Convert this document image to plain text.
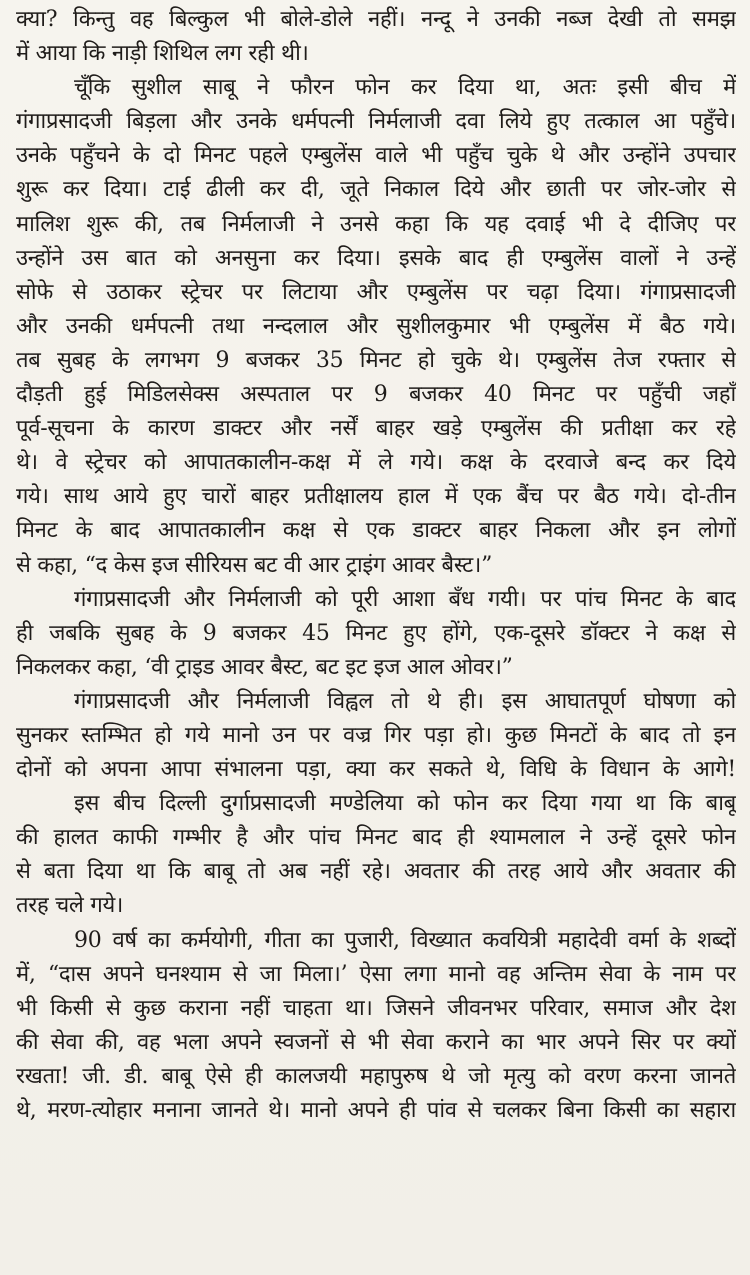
क्या? किन्तु वह बिल्कुल भी बोले-डोले नहीं। नन्दू ने उनकी नब्ज देखी तो समझ
में आया कि नाड़ी शिथिल लग रही थी।
चूँकि सुशील साबू ने फौरन फोन कर दिया था, अतः इसी बीच में
गंगाप्रसादजी बिड़ला और उनके धर्मपत्नी निर्मलाजी दवा लिये हुए तत्काल आ पहुँचे।
उनके पहुँचने के दो मिनट पहले एम्बुलेंस वाले भी पहुँच चुके थे और उन्होंने उपचार
शुरू कर दिया। टाई ढीली कर दी, जूते निकाल दिये और छाती पर जोर-जोर से
मालिश शुरू की, तब निर्मलाजी ने उनसे कहा कि यह दवाई भी दे दीजिए पर
उन्होंने उस बात को अनसुना कर दिया। इसके बाद ही एम्बुलेंस वालों ने उन्हें
सोफे से उठाकर स्ट्रेचर पर लिटाया और एम्बुलेंस पर चढ़ा दिया। गंगाप्रसादजी
और उनकी धर्मपत्नी तथा नन्दलाल और सुशीलकुमार भी एम्बुलेंस में बैठ गये।
तब सुबह के लगभग 9 बजकर 35 मिनट हो चुके थे। एम्बुलेंस तेज रफ्तार से
दौड़ती हुई मिडिलसेक्स अस्पताल पर 9 बजकर 40 मिनट पर पहुँची जहाँ
पूर्व-सूचना के कारण डाक्टर और नर्सें बाहर खड़े एम्बुलेंस की प्रतीक्षा कर रहे
थे। वे स्ट्रेचर को आपातकालीन-कक्ष में ले गये। कक्ष के दरवाजे बन्द कर दिये
गये। साथ आये हुए चारों बाहर प्रतीक्षालय हाल में एक बैंच पर बैठ गये। दो-तीन
मिनट के बाद आपातकालीन कक्ष से एक डाक्टर बाहर निकला और इन लोगों
से कहा, “द केस इज सीरियस बट वी आर ट्राइंग आवर बैस्ट।”
गंगाप्रसादजी और निर्मलाजी को पूरी आशा बँध गयी। पर पांच मिनट के बाद
ही जबकि सुबह के 9 बजकर 45 मिनट हुए होंगे, एक-दूसरे डॉक्टर ने कक्ष से
निकलकर कहा, ‘वी ट्राइड आवर बैस्ट, बट इट इज आल ओवर।”
गंगाप्रसादजी और निर्मलाजी विह्वल तो थे ही। इस आघातपूर्ण घोषणा को
सुनकर स्तम्भित हो गये मानो उन पर वज्र गिर पड़ा हो। कुछ मिनटों के बाद तो इन
दोनों को अपना आपा संभालना पड़ा, क्या कर सकते थे, विधि के विधान के आगे!
इस बीच दिल्ली दुर्गाप्रसादजी मण्डेलिया को फोन कर दिया गया था कि बाबू
की हालत काफी गम्भीर है और पांच मिनट बाद ही श्यामलाल ने उन्हें दूसरे फोन
से बता दिया था कि बाबू तो अब नहीं रहे। अवतार की तरह आये और अवतार की
तरह चले गये।
90 वर्ष का कर्मयोगी, गीता का पुजारी, विख्यात कवयित्री महादेवी वर्मा के शब्दों
में, “दास अपने घनश्याम से जा मिला।’ ऐसा लगा मानो वह अन्तिम सेवा के नाम पर
भी किसी से कुछ कराना नहीं चाहता था। जिसने जीवनभर परिवार, समाज और देश
की सेवा की, वह भला अपने स्वजनों से भी सेवा कराने का भार अपने सिर पर क्यों
रखता! जी. डी. बाबू ऐसे ही कालजयी महापुरुष थे जो मृत्यु को वरण करना जानते
थे, मरण-त्योहार मनाना जानते थे। मानो अपने ही पांव से चलकर बिना किसी का सहारा
